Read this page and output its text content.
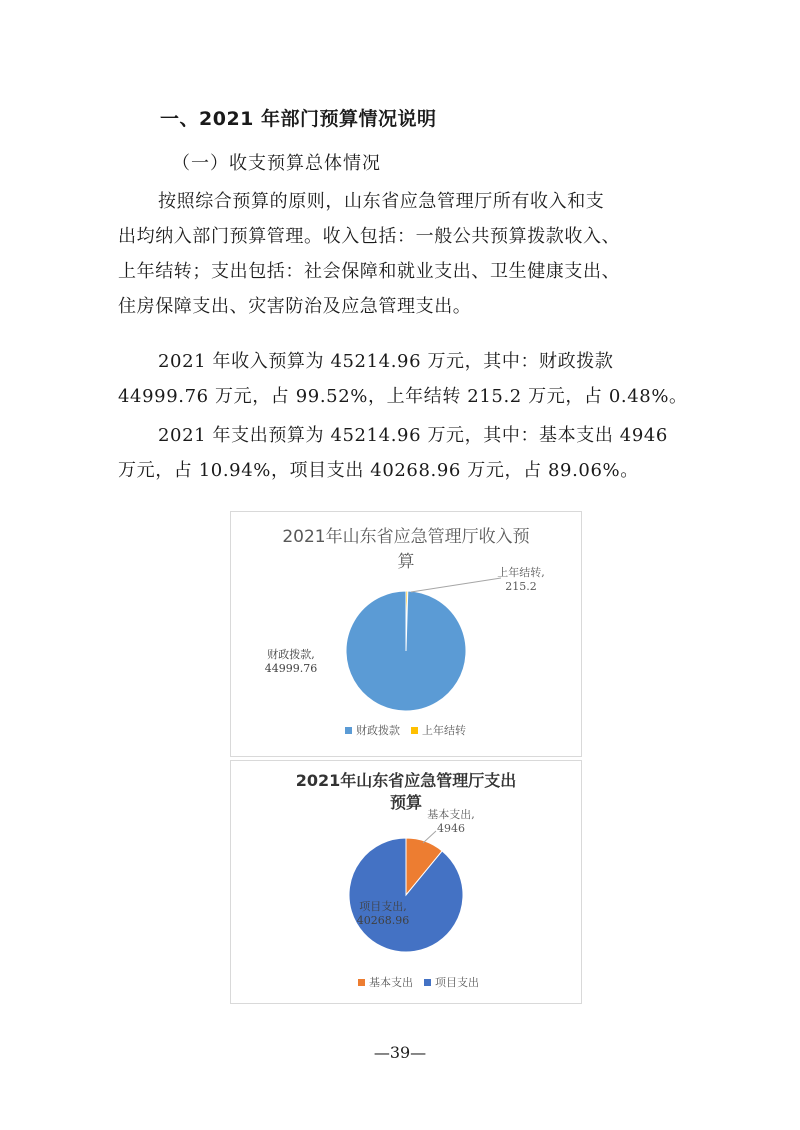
一、2021 年部门预算情况说明
（一）收支预算总体情况
按照综合预算的原则，山东省应急管理厅所有收入和支
出均纳入部门预算管理。收入包括：一般公共预算拨款收入、
上年结转；支出包括：社会保障和就业支出、卫生健康支出、
住房保障支出、灾害防治及应急管理支出。
2021 年收入预算为 45214.96 万元，其中：财政拨款
44999.76 万元，占 99.52%，上年结转 215.2 万元，占 0.48%。
2021 年支出预算为 45214.96 万元，其中：基本支出 4946
万元，占 10.94%，项目支出 40268.96 万元，占 89.06%。
2021年山东省应急管理厅收入预
算
财政拨款,
44999.76
上年结转,
215.2
财政拨款 上年结转
2021年山东省应急管理厅支出
预算
基本支出,
4946
项目支出,
40268.96
基本支出 项目支出
—39—
